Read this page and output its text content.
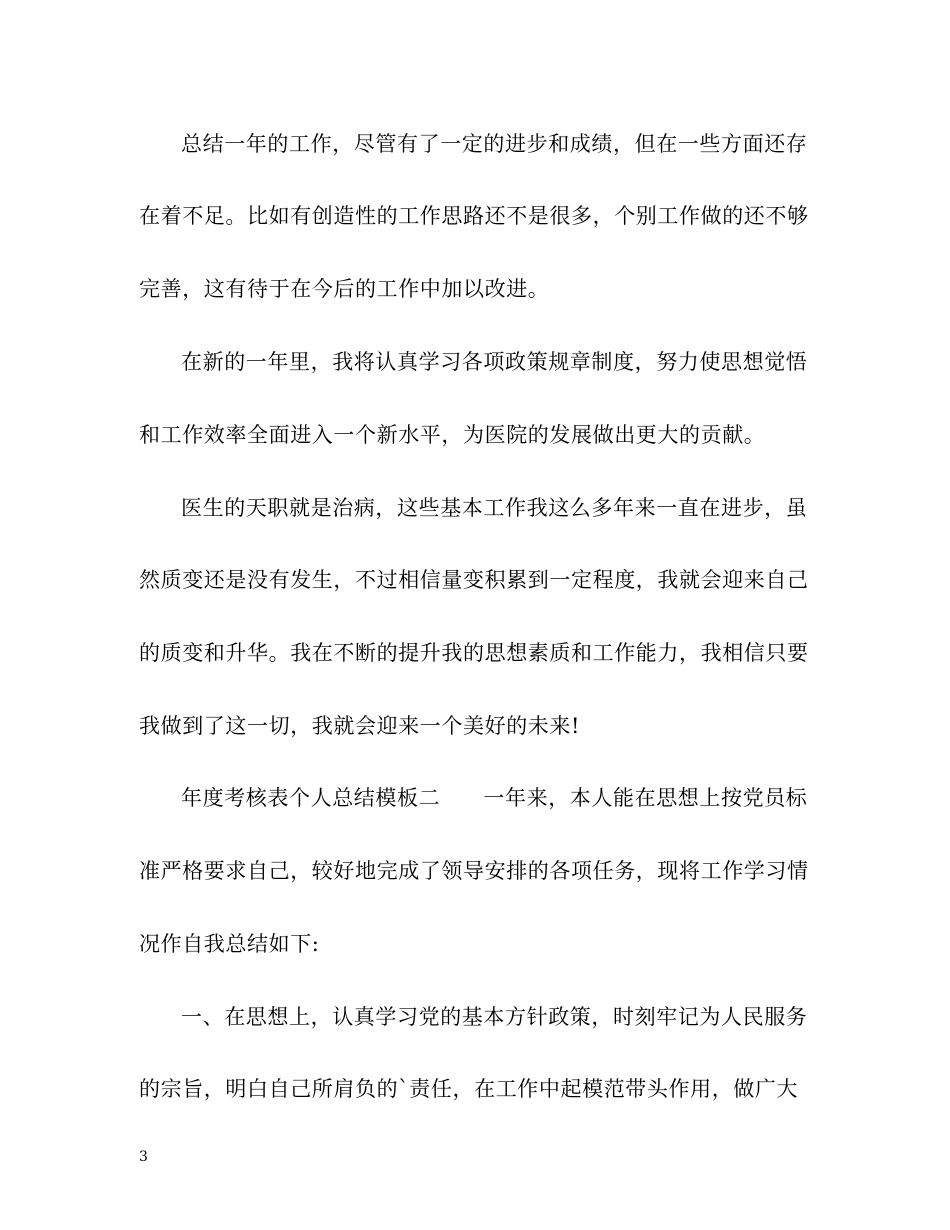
总结一年的工作，尽管有了一定的进步和成绩，但在一些方面还存
在着不足。比如有创造性的工作思路还不是很多，个别工作做的还不够
完善，这有待于在今后的工作中加以改进。
在新的一年里，我将认真学习各项政策规章制度，努力使思想觉悟
和工作效率全面进入一个新水平，为医院的发展做出更大的贡献。
医生的天职就是治病，这些基本工作我这么多年来一直在进步，虽
然质变还是没有发生，不过相信量变积累到一定程度，我就会迎来自己
的质变和升华。我在不断的提升我的思想素质和工作能力，我相信只要
我做到了这一切，我就会迎来一个美好的未来!
年度考核表个人总结模板二　　一年来，本人能在思想上按党员标
准严格要求自己，较好地完成了领导安排的各项任务，现将工作学习情
况作自我总结如下:
一、在思想上，认真学习党的基本方针政策，时刻牢记为人民服务
的宗旨，明白自己所肩负的`责任，在工作中起模范带头作用，做广大
3
